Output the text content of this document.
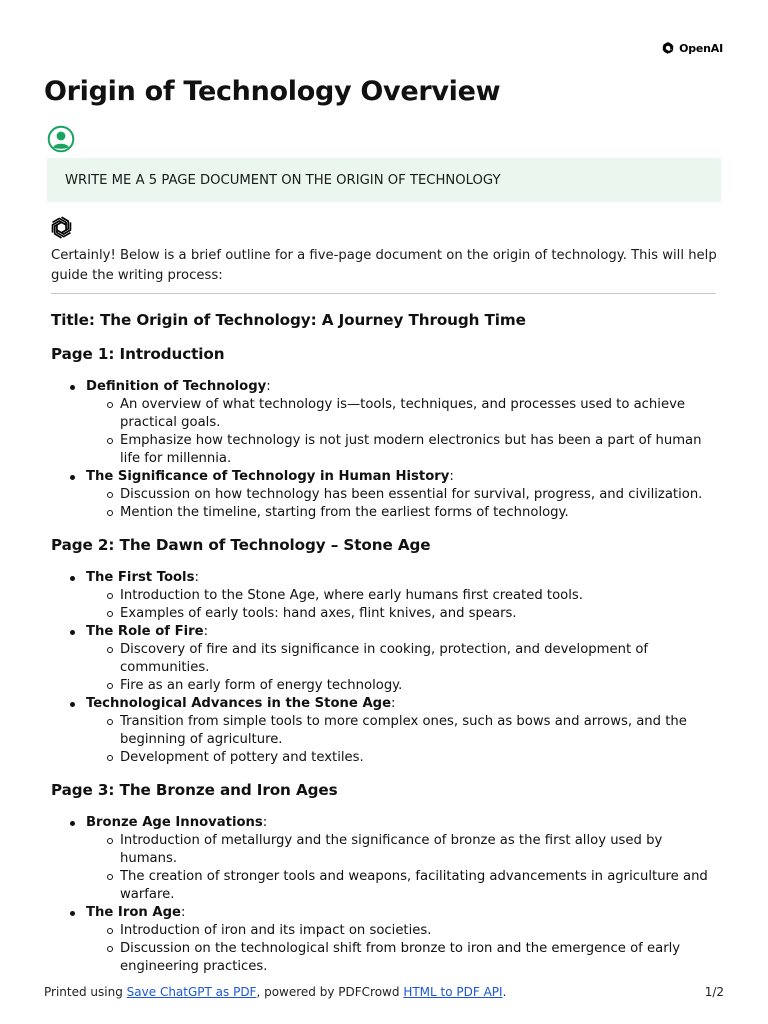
OpenAI
Origin of Technology Overview
WRITE ME A 5 PAGE DOCUMENT ON THE ORIGIN OF TECHNOLOGY

Certainly! Below is a brief outline for a five-page document on the origin of technology. This will help guide the writing process:

Title: The Origin of Technology: A Journey Through Time
Page 1: Introduction
Definition of Technology:
An overview of what technology is—tools, techniques, and processes used to achieve practical goals.
Emphasize how technology is not just modern electronics but has been a part of human life for millennia.
The Significance of Technology in Human History:
Discussion on how technology has been essential for survival, progress, and civilization.
Mention the timeline, starting from the earliest forms of technology.
Page 2: The Dawn of Technology – Stone Age
The First Tools:
Introduction to the Stone Age, where early humans first created tools.
Examples of early tools: hand axes, flint knives, and spears.
The Role of Fire:
Discovery of fire and its significance in cooking, protection, and development of communities.
Fire as an early form of energy technology.
Technological Advances in the Stone Age:
Transition from simple tools to more complex ones, such as bows and arrows, and the beginning of agriculture.
Development of pottery and textiles.
Page 3: The Bronze and Iron Ages
Bronze Age Innovations:
Introduction of metallurgy and the significance of bronze as the first alloy used by humans.
The creation of stronger tools and weapons, facilitating advancements in agriculture and warfare.
The Iron Age:
Introduction of iron and its impact on societies.
Discussion on the technological shift from bronze to iron and the emergence of early engineering practices.
Printed using Save ChatGPT as PDF, powered by PDFCrowd HTML to PDF API.	1/2
